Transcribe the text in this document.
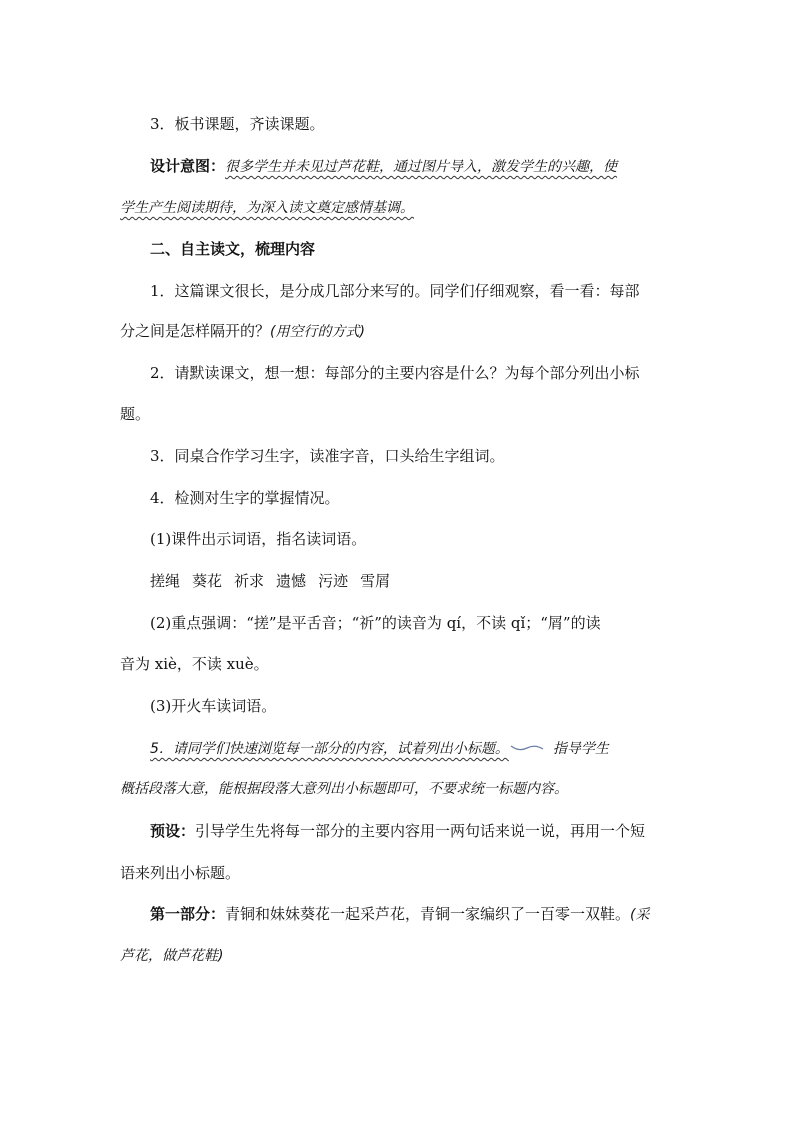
3．板书课题，齐读课题。
设计意图：很多学生并未见过芦花鞋，通过图片导入，激发学生的兴趣，使
学生产生阅读期待，为深入读文奠定感情基调。
二、自主读文，梳理内容
1．这篇课文很长，是分成几部分来写的。同学们仔细观察，看一看：每部
分之间是怎样隔开的？(用空行的方式)
2．请默读课文，想一想：每部分的主要内容是什么？为每个部分列出小标
题。
3．同桌合作学习生字，读准字音，口头给生字组词。
4．检测对生字的掌握情况。
(1)课件出示词语，指名读词语。
搓绳 葵花 祈求 遗憾 污迹 雪屑
(2)重点强调：“搓”是平舌音；“祈”的读音为 qí，不读 qǐ；“屑”的读
音为 xiè，不读 xuè。
(3)开火车读词语。
5．请同学们快速浏览每一部分的内容，试着列出小标题。	指导学生
概括段落大意，能根据段落大意列出小标题即可，不要求统一标题内容。
预设：引导学生先将每一部分的主要内容用一两句话来说一说，再用一个短
语来列出小标题。
第一部分：青铜和妹妹葵花一起采芦花，青铜一家编织了一百零一双鞋。(采
芦花，做芦花鞋)
